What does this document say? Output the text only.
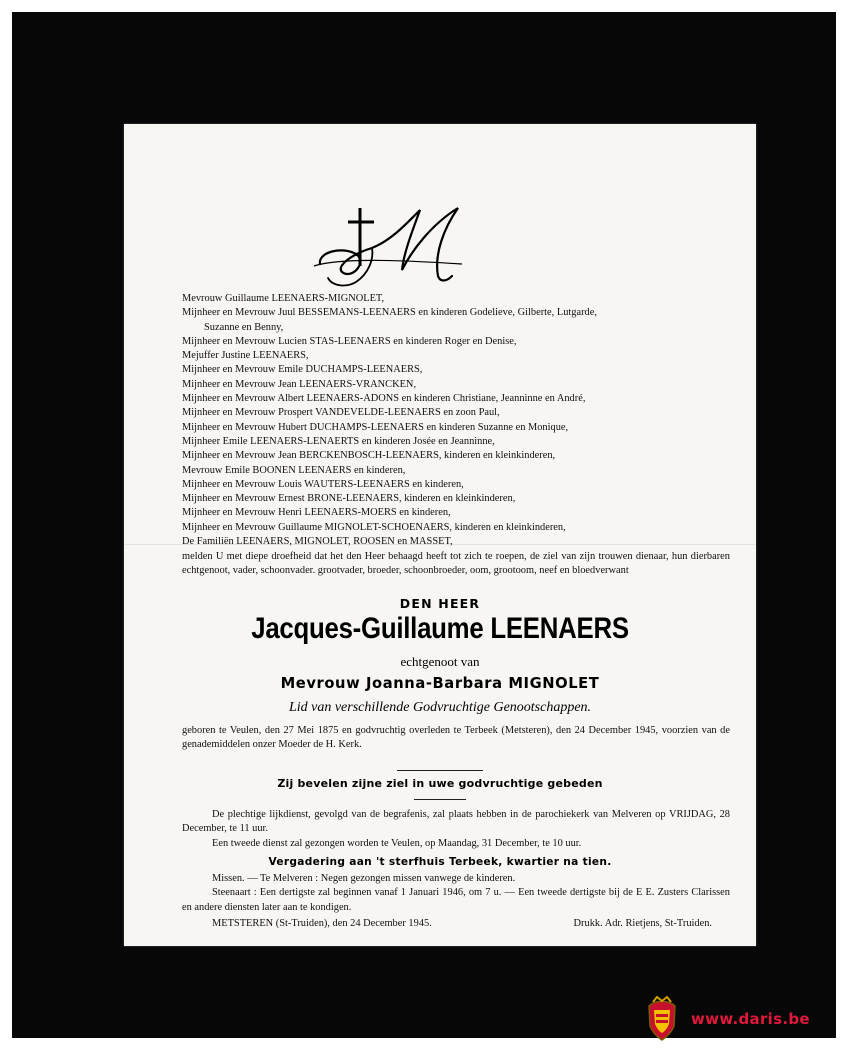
Mevrouw Guillaume LEENAERS-MIGNOLET,
Mijnheer en Mevrouw Juul BESSEMANS-LEENAERS en kinderen Godelieve, Gilberte, Lutgarde,
Suzanne en Benny,
Mijnheer en Mevrouw Lucien STAS-LEENAERS en kinderen Roger en Denise,
Mejuffer Justine LEENAERS,
Mijnheer en Mevrouw Emile DUCHAMPS-LEENAERS,
Mijnheer en Mevrouw Jean LEENAERS-VRANCKEN,
Mijnheer en Mevrouw Albert LEENAERS-ADONS en kinderen Christiane, Jeanninne en André,
Mijnheer en Mevrouw Prospert VANDEVELDE-LEENAERS en zoon Paul,
Mijnheer en Mevrouw Hubert DUCHAMPS-LEENAERS en kinderen Suzanne en Monique,
Mijnheer Emile LEENAERS-LENAERTS en kinderen Josée en Jeanninne,
Mijnheer en Mevrouw Jean BERCKENBOSCH-LEENAERS, kinderen en kleinkinderen,
Mevrouw Emile BOONEN LEENAERS en kinderen,
Mijnheer en Mevrouw Louis WAUTERS-LEENAERS en kinderen,
Mijnheer en Mevrouw Ernest BRONE-LEENAERS, kinderen en kleinkinderen,
Mijnheer en Mevrouw Henri LEENAERS-MOERS en kinderen,
Mijnheer en Mevrouw Guillaume MIGNOLET-SCHOENAERS, kinderen en kleinkinderen,
De Familiën LEENAERS, MIGNOLET, ROOSEN en MASSET,
melden U met diepe droefheid dat het den Heer behaagd heeft tot zich te roepen, de ziel van zijn trouwen dienaar, hun dierbaren echtgenoot, vader, schoonvader. grootvader, broeder, schoonbroeder, oom, grootoom, neef en bloedverwant
DEN HEER
Jacques-Guillaume LEENAERS
echtgenoot van
Mevrouw Joanna-Barbara MIGNOLET
Lid van verschillende Godvruchtige Genootschappen.
geboren te Veulen, den 27 Mei 1875 en godvruchtig overleden te Terbeek (Metsteren), den 24 December 1945, voorzien van de genademiddelen onzer Moeder de H. Kerk.
Zij bevelen zijne ziel in uwe godvruchtige gebeden
De plechtige lijkdienst, gevolgd van de begrafenis, zal plaats hebben in de parochiekerk van Melveren op VRIJDAG, 28 December, te 11 uur.
Een tweede dienst zal gezongen worden te Veulen, op Maandag, 31 December, te 10 uur.
Vergadering aan 't sterfhuis Terbeek, kwartier na tien.
Missen. — Te Melveren : Negen gezongen missen vanwege de kinderen.
Steenaart : Een dertigste zal beginnen vanaf 1 Januari 1946, om 7 u. — Een tweede dertigste bij de E E. Zusters Clarissen en andere diensten later aan te kondigen.
METSTEREN (St-Truiden), den 24 December 1945.	Drukk. Adr. Rietjens, St-Truiden.
www.daris.be
